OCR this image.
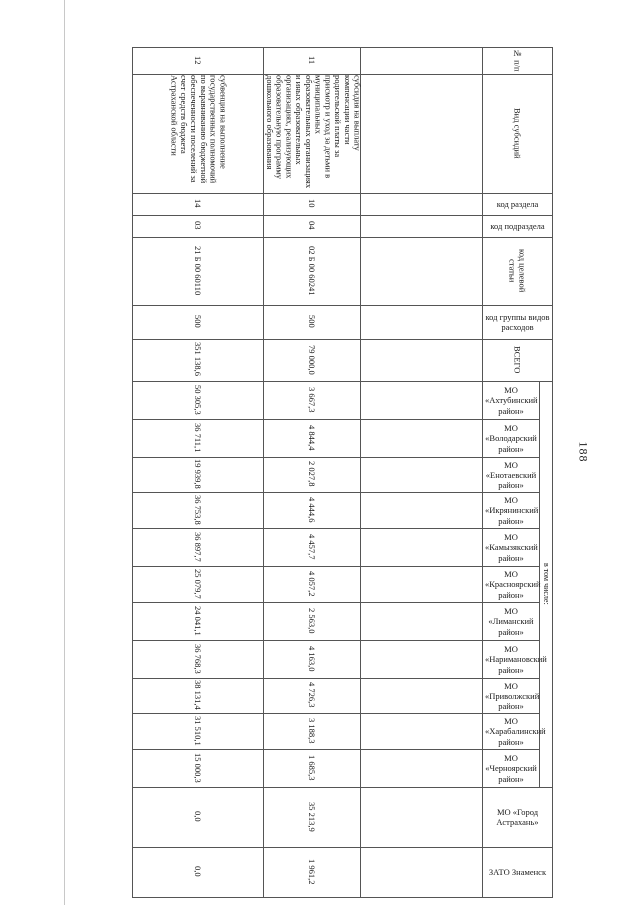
188
12	11		№ п/п	
субвенция на выполнение государственных полномочий по выравниванию бюджетной обеспеченности поселений за счет средств бюджета Астраханской области	субсидия на выплату компенсации части родительской платы за присмотр и уход за детьми в муниципальных образовательных организациях и иных образовательных организациях, реализующих образовательную программу дошкольного образования		Вид субсидий	
14	10		код раздела	
03	04		код подраздела	
21 Б 00 60110	02 Б 00 60241		код целевой статьи	
500	500		код группы видов расходов	
351 138,6	79 000,0		ВСЕГО	
50 305,3	3 667,3		МО «Ахтубинский район»	в том числе:
36 711,1	4 844,4		МО «Володарский район»	
19 939,8	2 027,8		МО «Енотаевский район»	
36 753,8	4 444,6		МО «Икрянинский район»	
36 897,7	4 457,7		МО «Камызякский район»	
25 079,7	4 057,2		МО «Красноярский район»	
24 041,1	2 563,0		МО «Лиманский район»	
36 768,3	4 163,0		МО «Наримановский район»	
38 131,4	4 726,3		МО «Приволжский район»	
31 510,1	3 188,3		МО «Харабалинский район»	
15 000,3	1 685,3		МО «Черноярский район»	
0,0	35 213,9		МО «Город Астрахань»	
0,0	1 961,2		ЗАТО Знаменск	
